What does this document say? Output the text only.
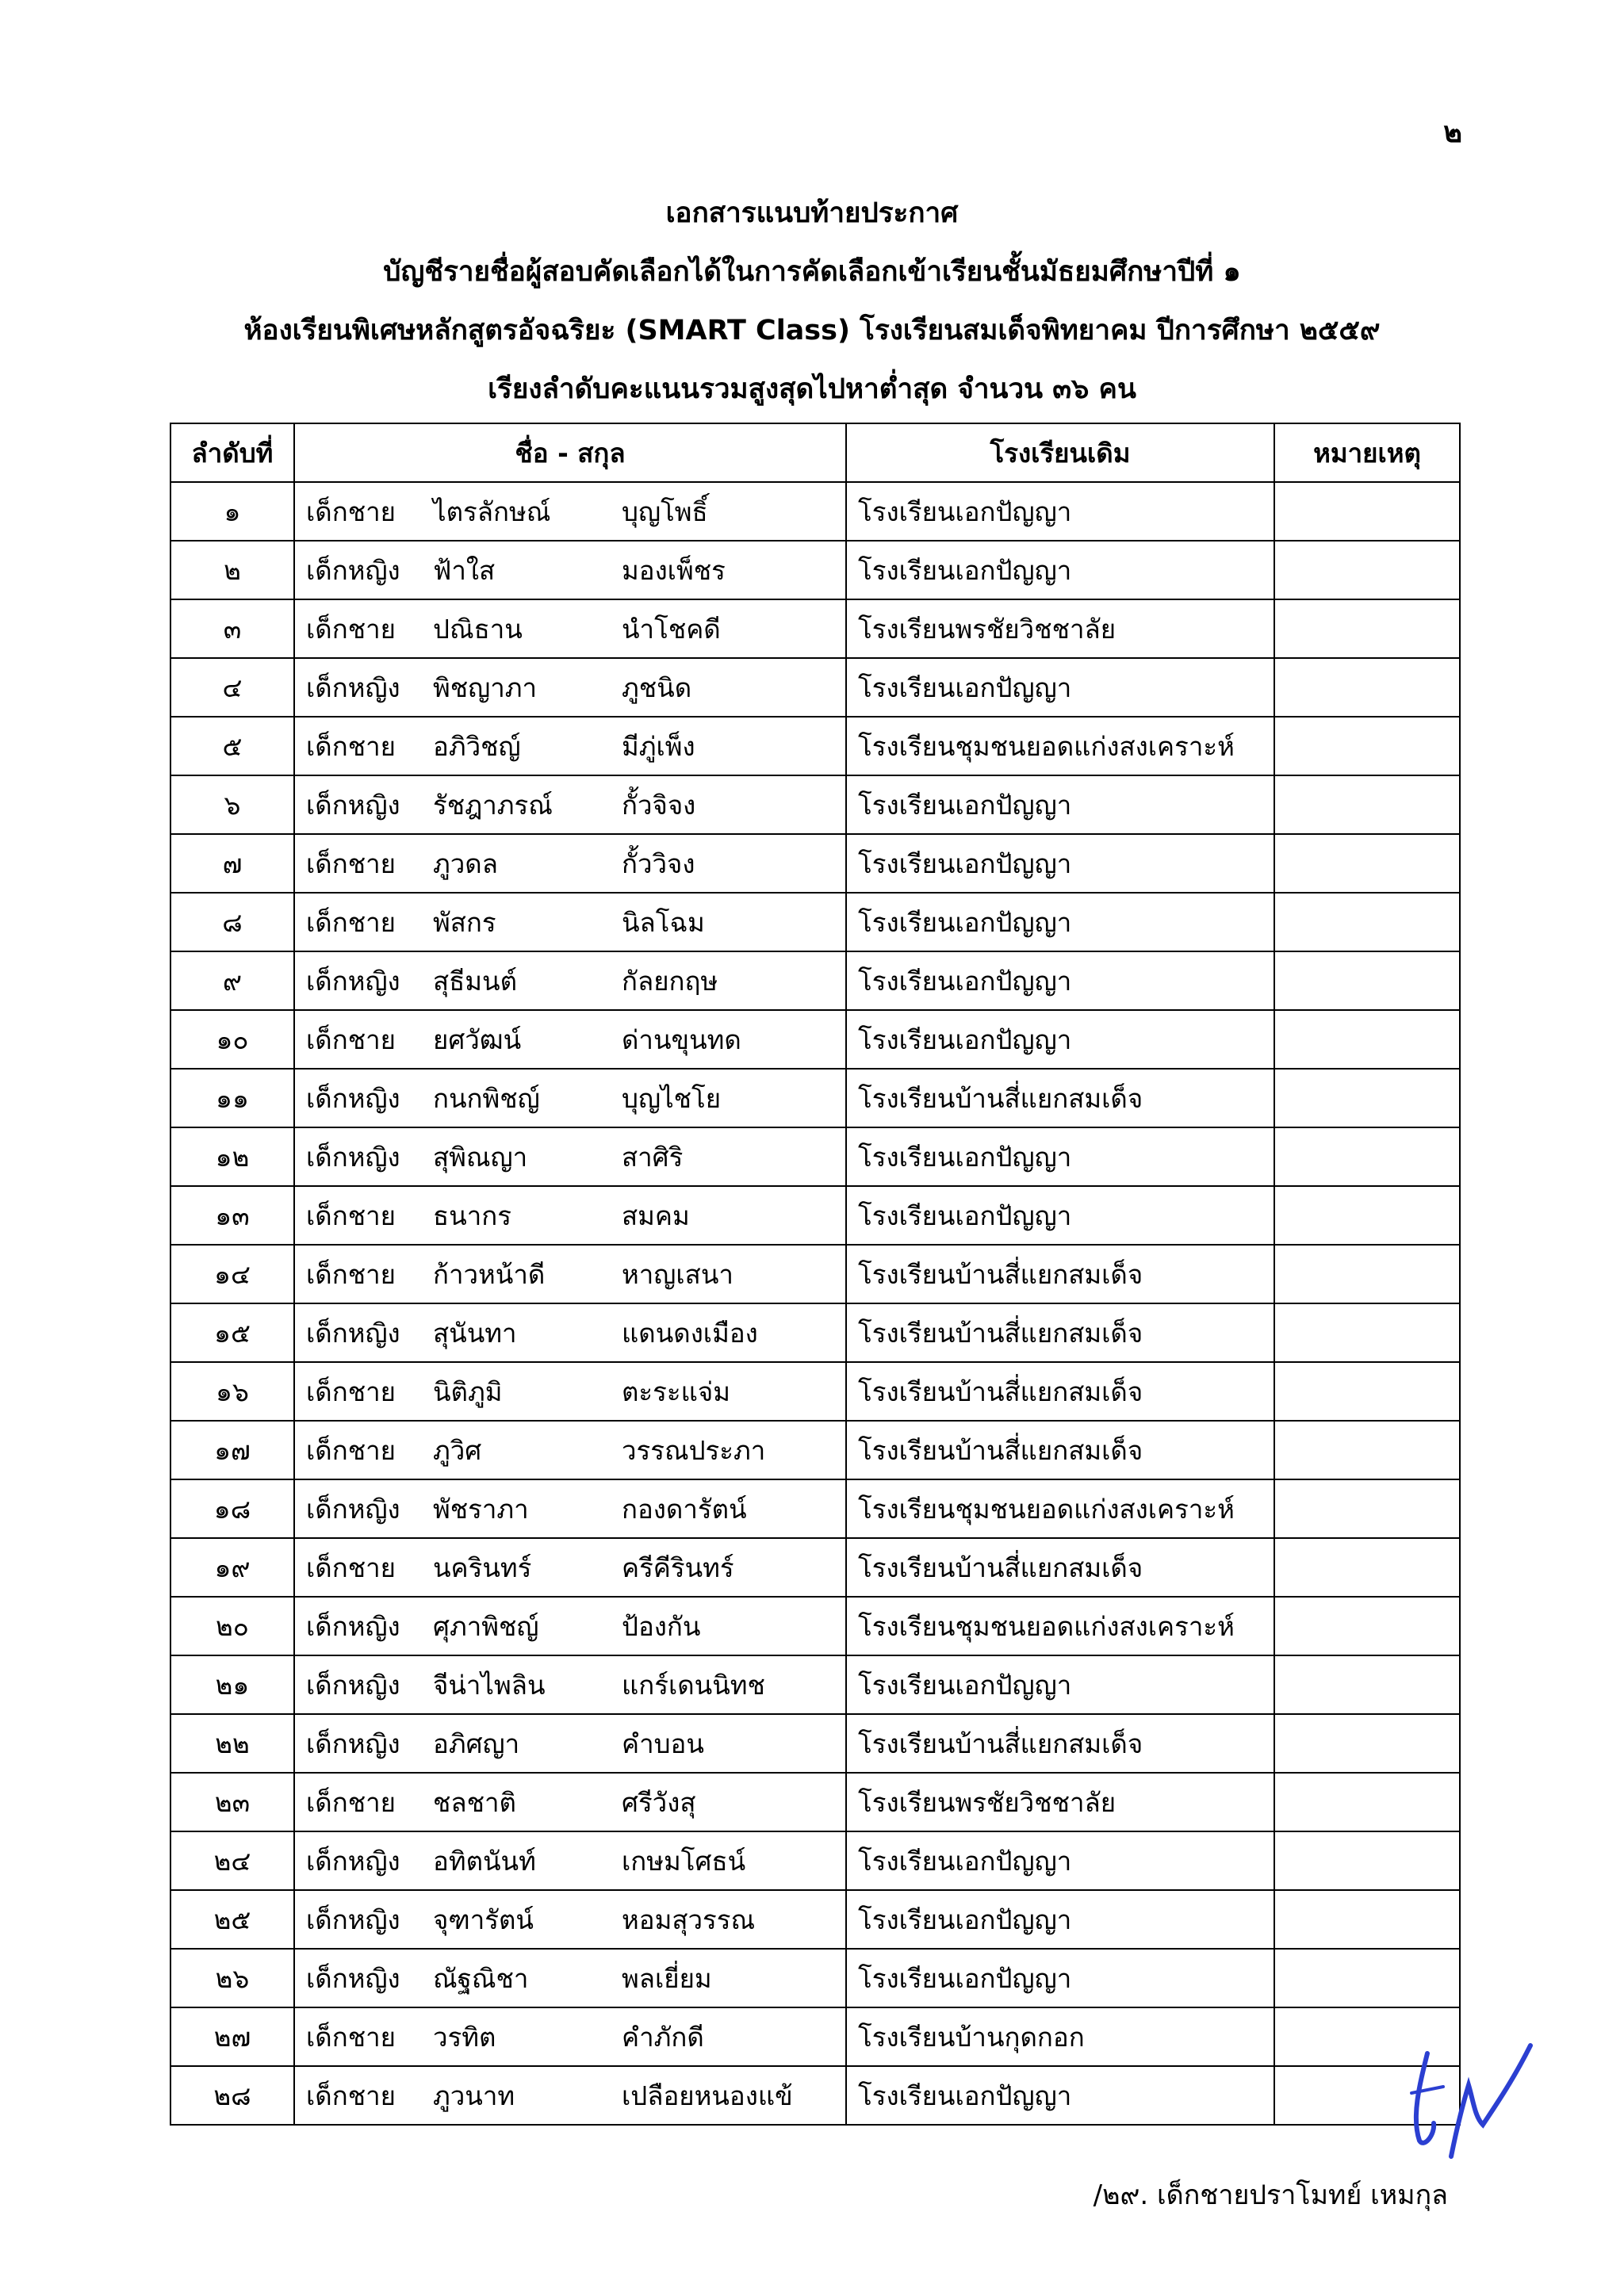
๒
เอกสารแนบท้ายประกาศ
บัญชีรายชื่อผู้สอบคัดเลือกได้ในการคัดเลือกเข้าเรียนชั้นมัธยมศึกษาปีที่ ๑
ห้องเรียนพิเศษหลักสูตรอัจฉริยะ (SMART Class) โรงเรียนสมเด็จพิทยาคม ปีการศึกษา ๒๕๕๙
เรียงลำดับคะแนนรวมสูงสุดไปหาต่ำสุด จำนวน ๓๖ คน
ลำดับที่	ชื่อ - สกุล	โรงเรียนเดิม	หมายเหตุ
๑	เด็กชาย ไตรลักษณ์ บุญโพธิ์	โรงเรียนเอกปัญญา	
๒	เด็กหญิง ฟ้าใส มองเพ็ชร	โรงเรียนเอกปัญญา	
๓	เด็กชาย ปณิธาน นำโชคดี	โรงเรียนพรชัยวิชชาลัย	
๔	เด็กหญิง พิชญาภา ภูชนิด	โรงเรียนเอกปัญญา	
๕	เด็กชาย อภิวิชญ์ มีภู่เพ็ง	โรงเรียนชุมชนยอดแก่งสงเคราะห์	
๖	เด็กหญิง รัชฎาภรณ์ กั้วจิจง	โรงเรียนเอกปัญญา	
๗	เด็กชาย ภูวดล กั้ววิจง	โรงเรียนเอกปัญญา	
๘	เด็กชาย พัสกร นิลโฉม	โรงเรียนเอกปัญญา	
๙	เด็กหญิง สุธีมนต์ กัลยกฤษ	โรงเรียนเอกปัญญา	
๑๐	เด็กชาย ยศวัฒน์ ด่านขุนทด	โรงเรียนเอกปัญญา	
๑๑	เด็กหญิง กนกพิชญ์ บุญไชโย	โรงเรียนบ้านสี่แยกสมเด็จ	
๑๒	เด็กหญิง สุพิณญา สาศิริ	โรงเรียนเอกปัญญา	
๑๓	เด็กชาย ธนากร สมคม	โรงเรียนเอกปัญญา	
๑๔	เด็กชาย ก้าวหน้าดี หาญเสนา	โรงเรียนบ้านสี่แยกสมเด็จ	
๑๕	เด็กหญิง สุนันทา แดนดงเมือง	โรงเรียนบ้านสี่แยกสมเด็จ	
๑๖	เด็กชาย นิติภูมิ ตะระแจ่ม	โรงเรียนบ้านสี่แยกสมเด็จ	
๑๗	เด็กชาย ภูวิศ วรรณประภา	โรงเรียนบ้านสี่แยกสมเด็จ	
๑๘	เด็กหญิง พัชราภา กองดารัตน์	โรงเรียนชุมชนยอดแก่งสงเคราะห์	
๑๙	เด็กชาย นครินทร์ ครีคีรินทร์	โรงเรียนบ้านสี่แยกสมเด็จ	
๒๐	เด็กหญิง ศุภาพิชญ์ ป้องกัน	โรงเรียนชุมชนยอดแก่งสงเคราะห์	
๒๑	เด็กหญิง จีน่าไพลิน แกร์เดนนิทช	โรงเรียนเอกปัญญา	
๒๒	เด็กหญิง อภิศญา คำบอน	โรงเรียนบ้านสี่แยกสมเด็จ	
๒๓	เด็กชาย ชลชาติ ศรีวังสุ	โรงเรียนพรชัยวิชชาลัย	
๒๔	เด็กหญิง อทิตนันท์ เกษมโศธน์	โรงเรียนเอกปัญญา	
๒๕	เด็กหญิง จุฑารัตน์ หอมสุวรรณ	โรงเรียนเอกปัญญา	
๒๖	เด็กหญิง ณัฐณิชา พลเยี่ยม	โรงเรียนเอกปัญญา	
๒๗	เด็กชาย วรทิต คำภักดี	โรงเรียนบ้านกุดกอก	
๒๘	เด็กชาย ภูวนาท เปลือยหนองแข้	โรงเรียนเอกปัญญา	
/๒๙. เด็กชายปราโมทย์ เหมกุล
